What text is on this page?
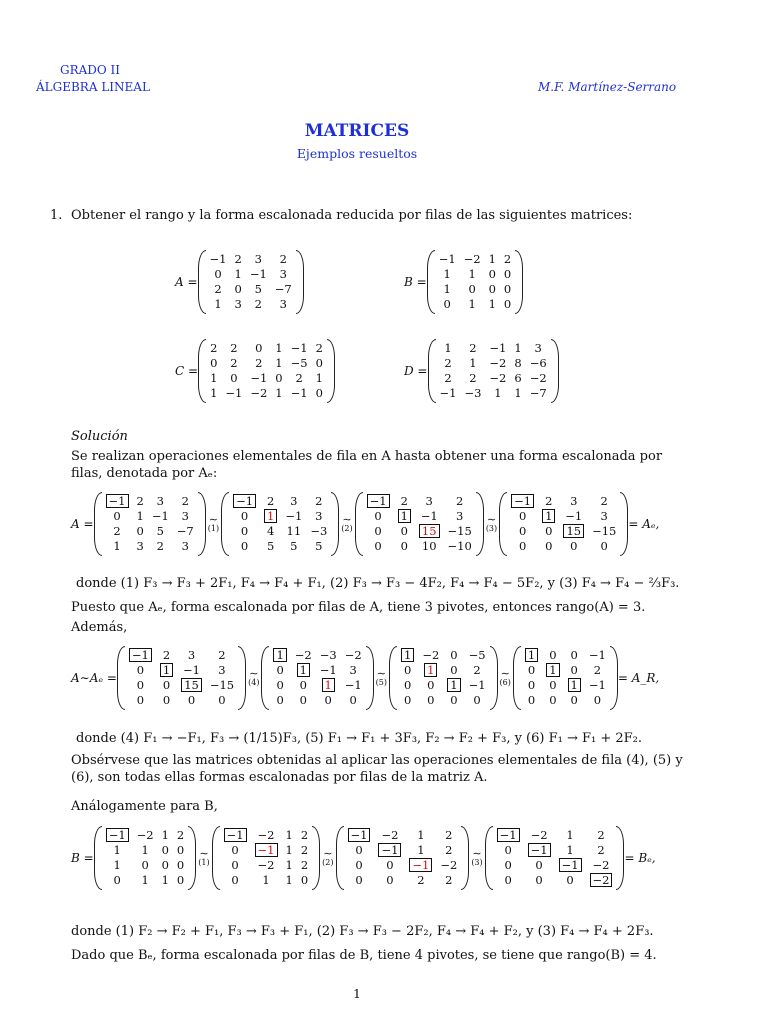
GRADO II
ÁLGEBRA LINEAL	M.F. Martínez-Serrano
MATRICES
Ejemplos resueltos
1. Obtener el rango y la forma escalonada reducida por filas de las siguientes matrices:
A =
−1	2	3	2
0	1	−1	3
2	0	5	−7
1	3	2	3
B =
−1	−2	1	2
1	1	0	0
1	0	0	0
0	1	1	0
C =
2	2	0	1	−1	2
0	2	2	1	−5	0
1	0	−1	0	2	1
1	−1	−2	1	−1	0
D =
1	2	−1	1	3
2	1	−2	8	−6
2	2	−2	6	−2
−1	−3	1	1	−7
Solución
Se realizan operaciones elementales de fila en A hasta obtener una forma escalonada por filas, denotada por Aₑ:
A =
−1	2	3	2
0	1	−1	3
2	0	5	−7
1	3	2	3
∼
(1)
−1	2	3	2
0	1	−1	3
0	4	11	−3
0	5	5	5
∼
(2)
−1	2	3	2
0	1	−1	3
0	0	15	−15
0	0	10	−10
∼
(3)
−1	2	3	2
0	1	−1	3
0	0	15	−15
0	0	0	0
= Aₑ,
donde (1) F₃ → F₃ + 2F₁, F₄ → F₄ + F₁, (2) F₃ → F₃ − 4F₂, F₄ → F₄ − 5F₂, y (3) F₄ → F₄ − ⅔F₃.
Puesto que Aₑ, forma escalonada por filas de A, tiene 3 pivotes, entonces rango(A) = 3.
Además,
A∼Aₑ =
−1	2	3	2
0	1	−1	3
0	0	15	−15
0	0	0	0
∼
(4)
1	−2	−3	−2
0	1	−1	3
0	0	1	−1
0	0	0	0
∼
(5)
1	−2	0	−5
0	1	0	2
0	0	1	−1
0	0	0	0
∼
(6)
1	0	0	−1
0	1	0	2
0	0	1	−1
0	0	0	0
= A_R,
donde (4) F₁ → −F₁, F₃ → (1/15)F₃, (5) F₁ → F₁ + 3F₃, F₂ → F₂ + F₃, y (6) F₁ → F₁ + 2F₂.
Obsérvese que las matrices obtenidas al aplicar las operaciones elementales de fila (4), (5) y (6), son todas ellas formas escalonadas por filas de la matriz A.
Análogamente para B,
B =
−1	−2	1	2
1	1	0	0
1	0	0	0
0	1	1	0
∼
(1)
−1	−2	1	2
0	−1	1	2
0	−2	1	2
0	1	1	0
∼
(2)
−1	−2	1	2
0	−1	1	2
0	0	−1	−2
0	0	2	2
∼
(3)
−1	−2	1	2
0	−1	1	2
0	0	−1	−2
0	0	0	−2
= Bₑ,
donde (1) F₂ → F₂ + F₁, F₃ → F₃ + F₁, (2) F₃ → F₃ − 2F₂, F₄ → F₄ + F₂, y (3) F₄ → F₄ + 2F₃.
Dado que Bₑ, forma escalonada por filas de B, tiene 4 pivotes, se tiene que rango(B) = 4.
1
